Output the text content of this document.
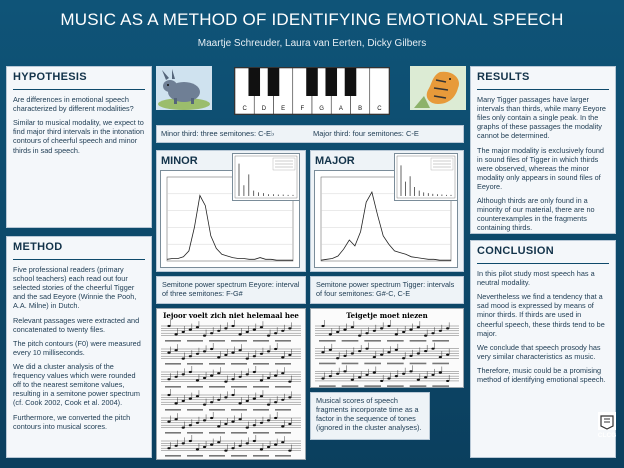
MUSIC AS A METHOD OF IDENTIFYING EMOTIONAL SPEECH
Maartje Schreuder, Laura van Eerten, Dicky Gilbers
HYPOTHESIS

Are differences in emotional speech characterized by different modalities?

Similar to musical modality, we expect to find major third intervals in the intonation contours of cheerful speech and minor thirds in sad speech.

METHOD

Five professional readers (primary school teachers) each read out four selected stories of the cheerful Tigger and the sad Eeyore (Winnie the Pooh, A.A. Milne) in Dutch.

Relevant passages were extracted and concatenated to twenty files.

The pitch contours (F0) were measured every 10 milliseconds.

We did a cluster analysis of the frequency values which were rounded off to the nearest semitone values, resulting in a semitone power spectrum (cf. Cook 2002, Cook et al. 2004).

Furthermore, we converted the pitch contours into musical scores.

RESULTS

Many Tigger passages have larger intervals than thirds, while many Eeyore files only contain a single peak. In the graphs of these passages the modality cannot be determined.

The major modality is exclusively found in sound files of Tigger in which thirds were observed, whereas the minor modality only appears in sound files of Eeyore.

Although thirds are only found in a minority of our material, there are no counterexamples in the fragments containing thirds.

CONCLUSION

In this pilot study most speech has a neutral modality.

Nevertheless we find a tendency that a sad mood is expressed by means of minor thirds. If thirds are used in cheerful speech, these thirds tend to be major.

We conclude that speech prosody has very similar characteristics as music.

Therefore, music could be a promising method of identifying emotional speech.

C D	E	F	G A	B	C
Minor third: three semitones: C-E♭	Major third: four semitones: C-E
MINOR	MAJOR

Semitone power spectrum Eeyore: interval of three semitones: F-G#

Semitone power spectrum Tigger: intervals of four semitones: G#-C, C-E

Iejoor voelt zich niet helemaal hee	Teigetje moet niezen

Musical scores of speech fragments incorporate time as a factor in the sequence of tones (ignored in the cluster analyses).

CLCG
